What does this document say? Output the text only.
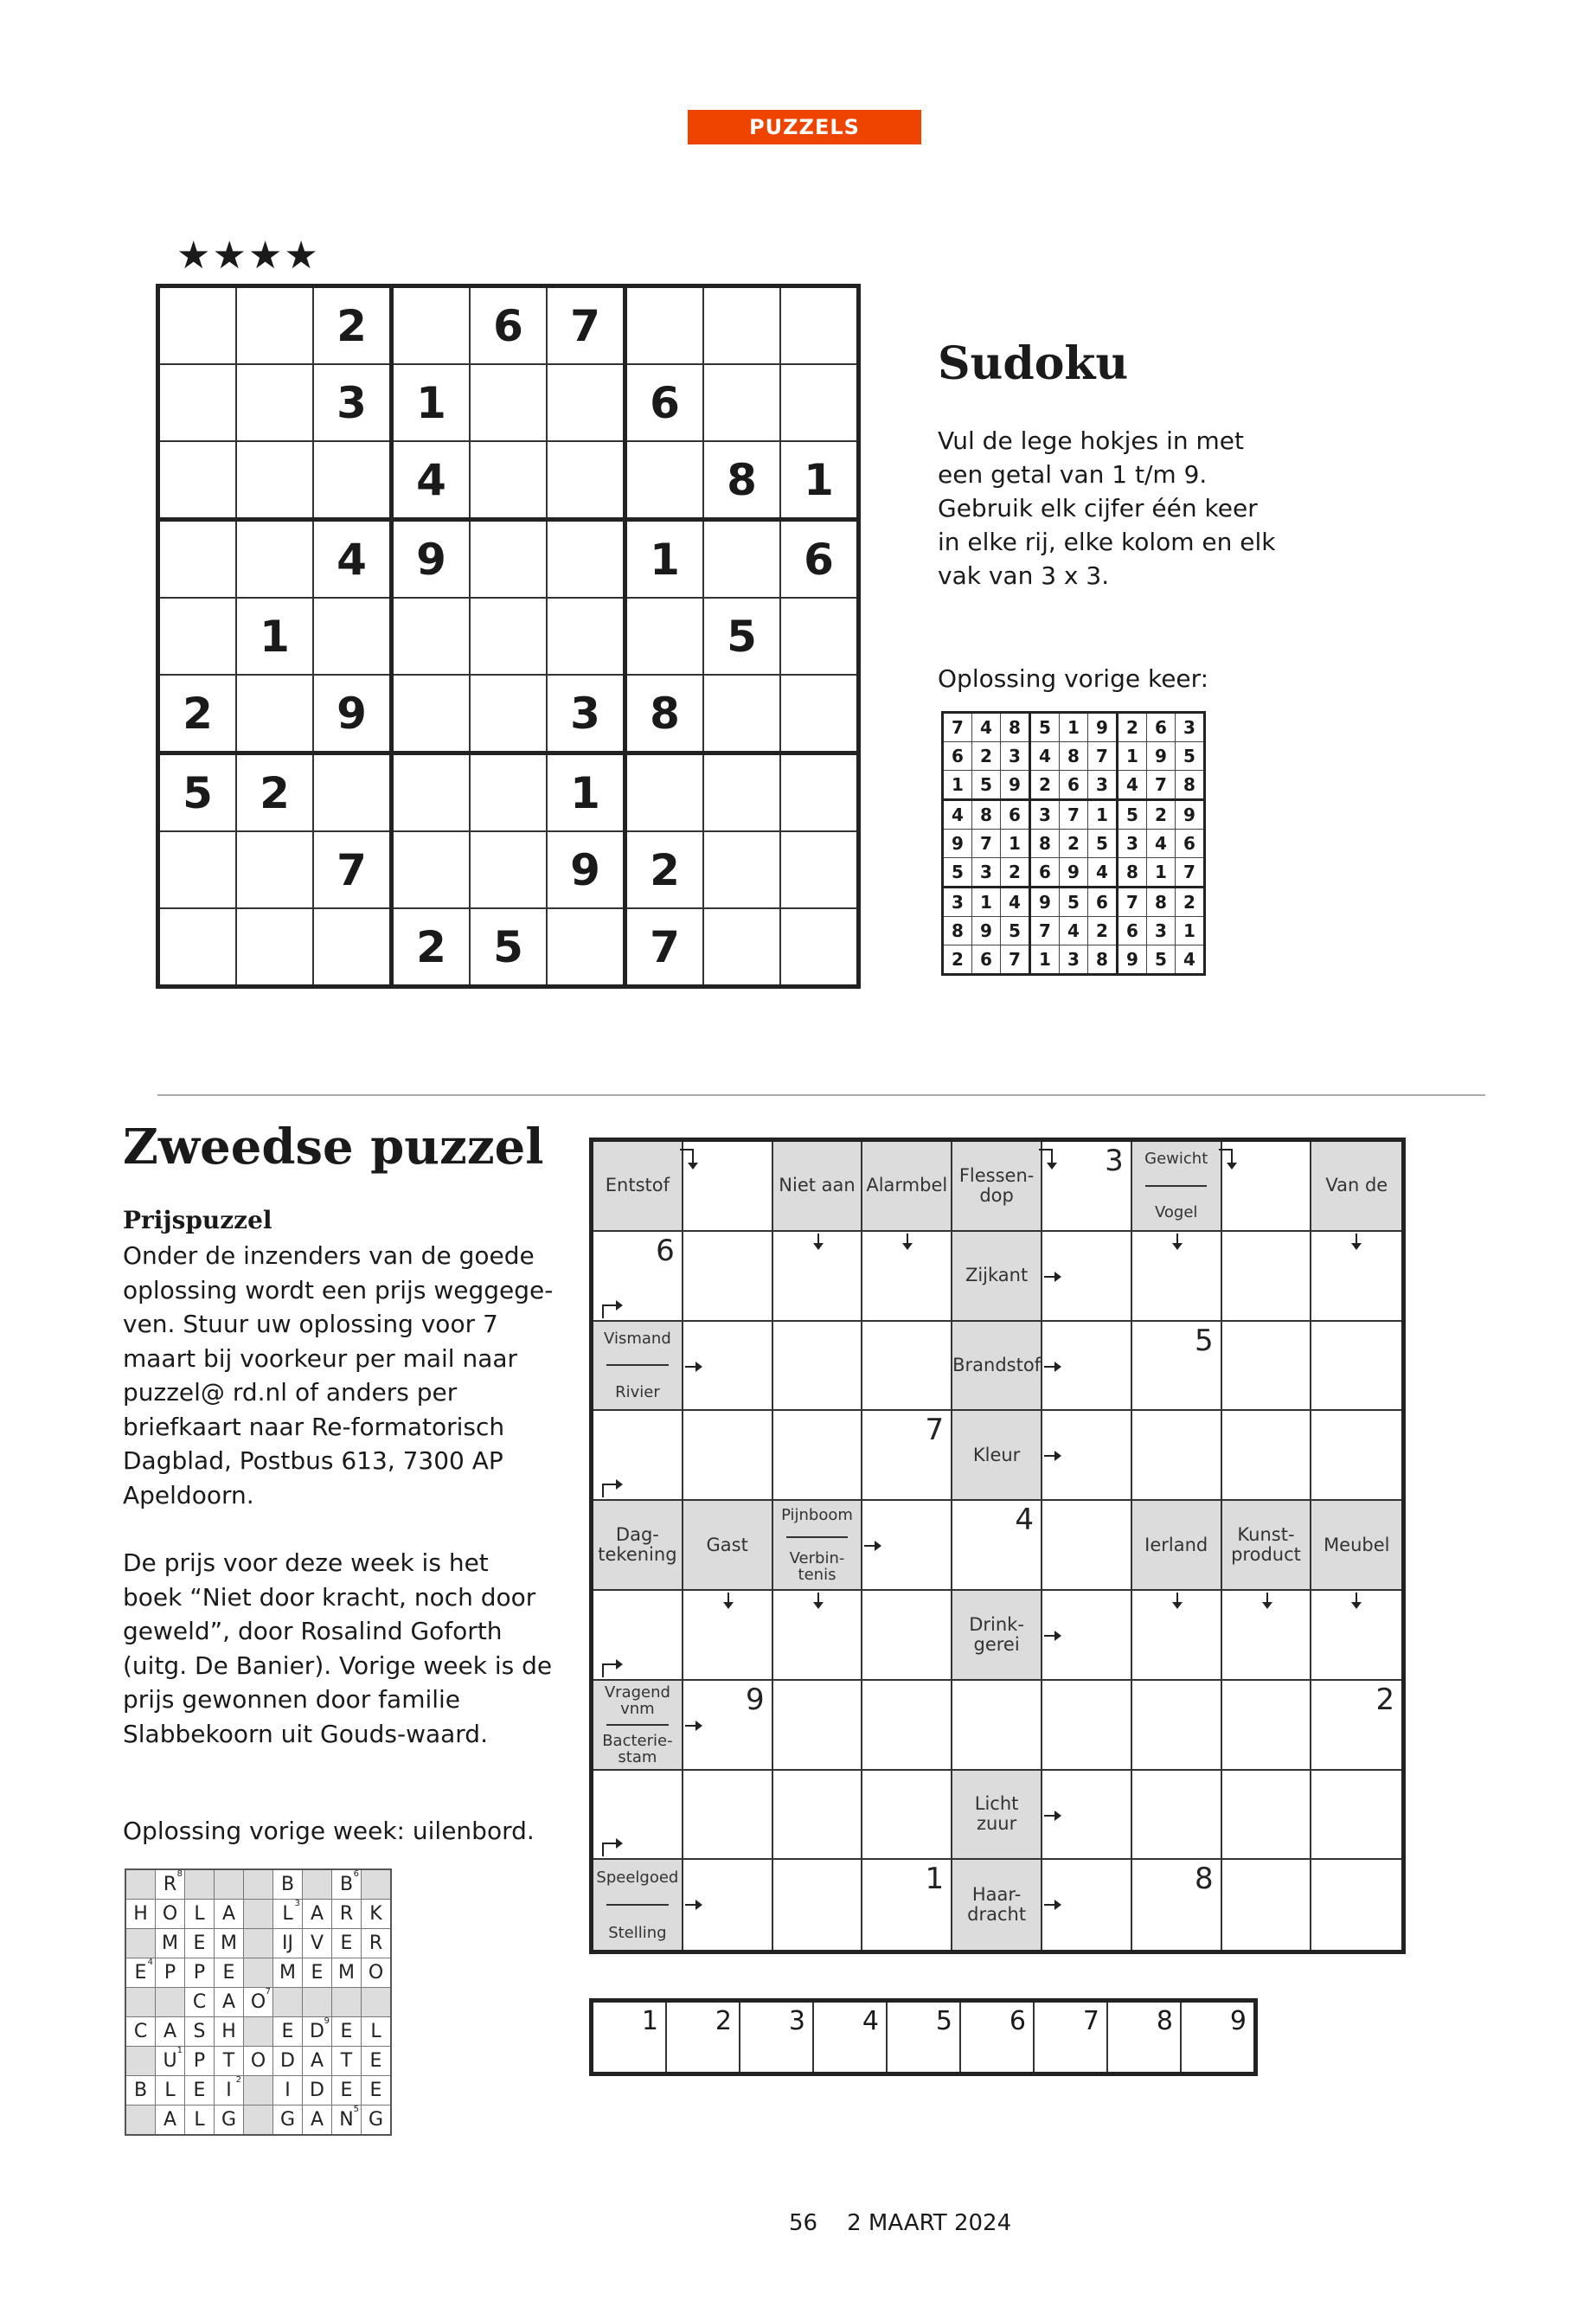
PUZZELS
★★★★
		2		6	7			
		3	1			6		
			4				8	1
		4	9			1		6
	1						5	
2		9			3	8		
5	2				1			
		7			9	2		
			2	5		7		
Sudoku
Vul de lege hokjes in met een getal van 1 t/m 9. Gebruik elk cijfer één keer in elke rij, elke kolom en elk vak van 3 x 3.
Oplossing vorige keer:
7	4	8	5	1	9	2	6	3
6	2	3	4	8	7	1	9	5
1	5	9	2	6	3	4	7	8
4	8	6	3	7	1	5	2	9
9	7	1	8	2	5	3	4	6
5	3	2	6	9	4	8	1	7
3	1	4	9	5	6	7	8	2
8	9	5	7	4	2	6	3	1
2	6	7	1	3	8	9	5	4
Zweedse puzzel
Prijspuzzel

Onder de inzenders van de goede oplossing wordt een prijs weggege-ven. Stuur uw oplossing voor 7 maart bij voorkeur per mail naar puzzel@ rd.nl of anders per briefkaart naar Re-formatorisch Dagblad, Postbus 613, 7300 AP Apeldoorn.

De prijs voor deze week is het boek “Niet door kracht, noch door geweld”, door Rosalind Goforth (uitg. De Banier). Vorige week is de prijs gewonnen door familie Slabbekoorn uit Gouds-waard.

Oplossing vorige week: uilenbord.
	R 8				B		B 6	

H	O	L	A		L 3	A	R	K
	M	E	M		IJ	V	E	R
E 4	P	P	E		M	E	M	O
		C	A	O 7				

C	A	S	H		E	D 9	E	L
	U 1	P	T	O	D	A	T	E
B	L	E	I 2		I	D	E	E
	A	L	G		G	A	N 5	G
Entstof	Niet aan Alarmbel Flessen-
dop
3 Gewicht
Vogel
Van de
6
Zijkant
Vismand
Rivier
Brandstof
5
7
Kleur
Dag-
tekening Gast
Pijnboom
Verbin-
tenis
4
Ierland	Kunst-
product Meubel
Drink-
gerei
Vragend
vnm
Bacterie-
stam
9	2
Licht zuur
Speelgoed
Stelling
1 Haar-
dracht
8
1	2	3	4	5	6	7	8	9
56 2 MAART 2024
